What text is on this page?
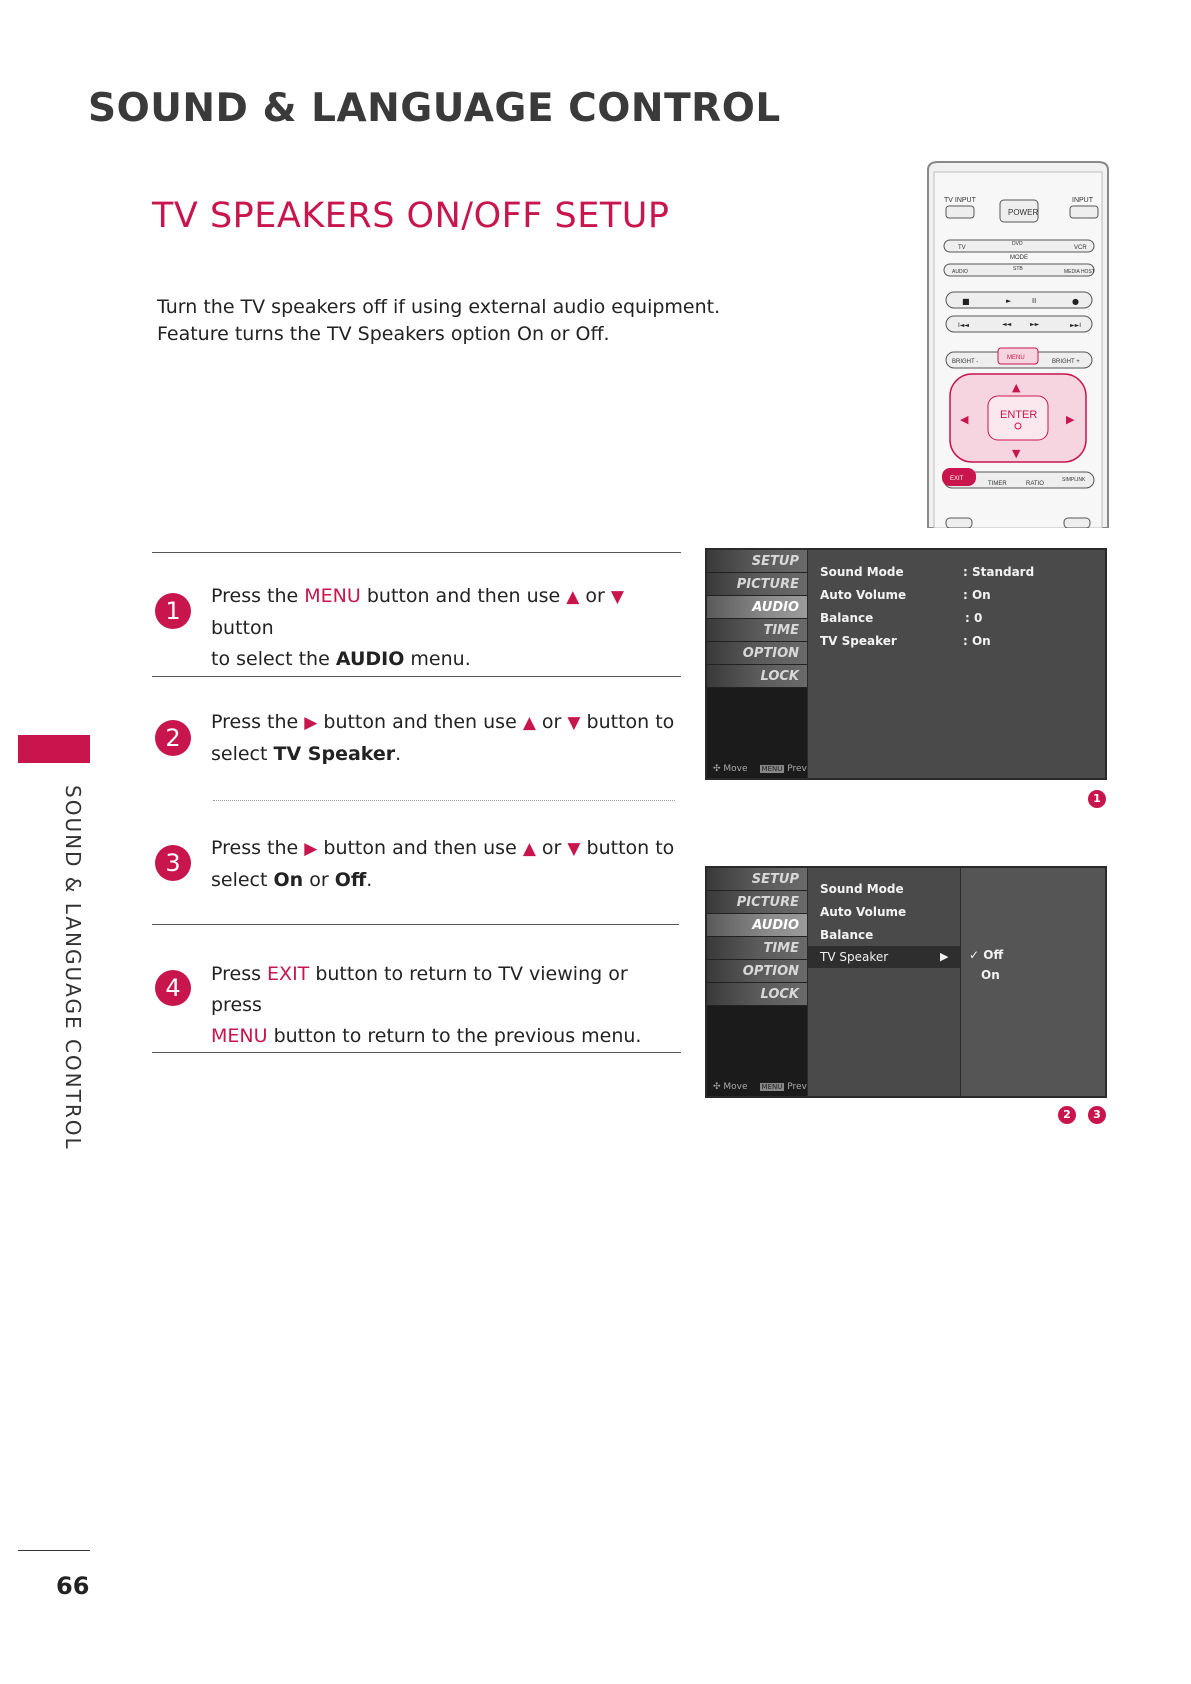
SOUND & LANGUAGE CONTROL
TV SPEAKERS ON/OFF SETUP
Turn the TV speakers off if using external audio equipment.
Feature turns the TV Speakers option On or Off.
SOUND & LANGUAGE CONTROL
66
1
Press the MENU button and then use ▲ or ▼ button
to select the AUDIO menu.
2
Press the ▶ button and then use ▲ or ▼ button to
select TV Speaker.
3
Press the ▶ button and then use ▲ or ▼ button to
select On or Off.
4	Press EXIT button to return to TV viewing or press
MENU button to return to the previous menu.
TV INPUT	INPUT
POWER
TV
DVD
VCR
MODE
AUDIO	STB	MEDIA HOST
■	►	II	●
I◄◄	◄◄	►►	►►I
BRIGHT -
MENU
BRIGHT +
ENTER
▲
▼
◀	▶
EXIT
TIMER	RATIO
SIMPLINK
SETUP
PICTURE
AUDIO
TIME
OPTION
LOCK
✣ Move MENU Prev
Sound Mode	: Standard
Auto Volume	: On
Balance	: 0
TV Speaker	: On
1
SETUP
PICTURE
AUDIO
TIME
OPTION
LOCK
✣ Move MENU Prev
Sound Mode
Auto Volume
Balance
TV Speaker	▶ ✓ Off
On
2	3
